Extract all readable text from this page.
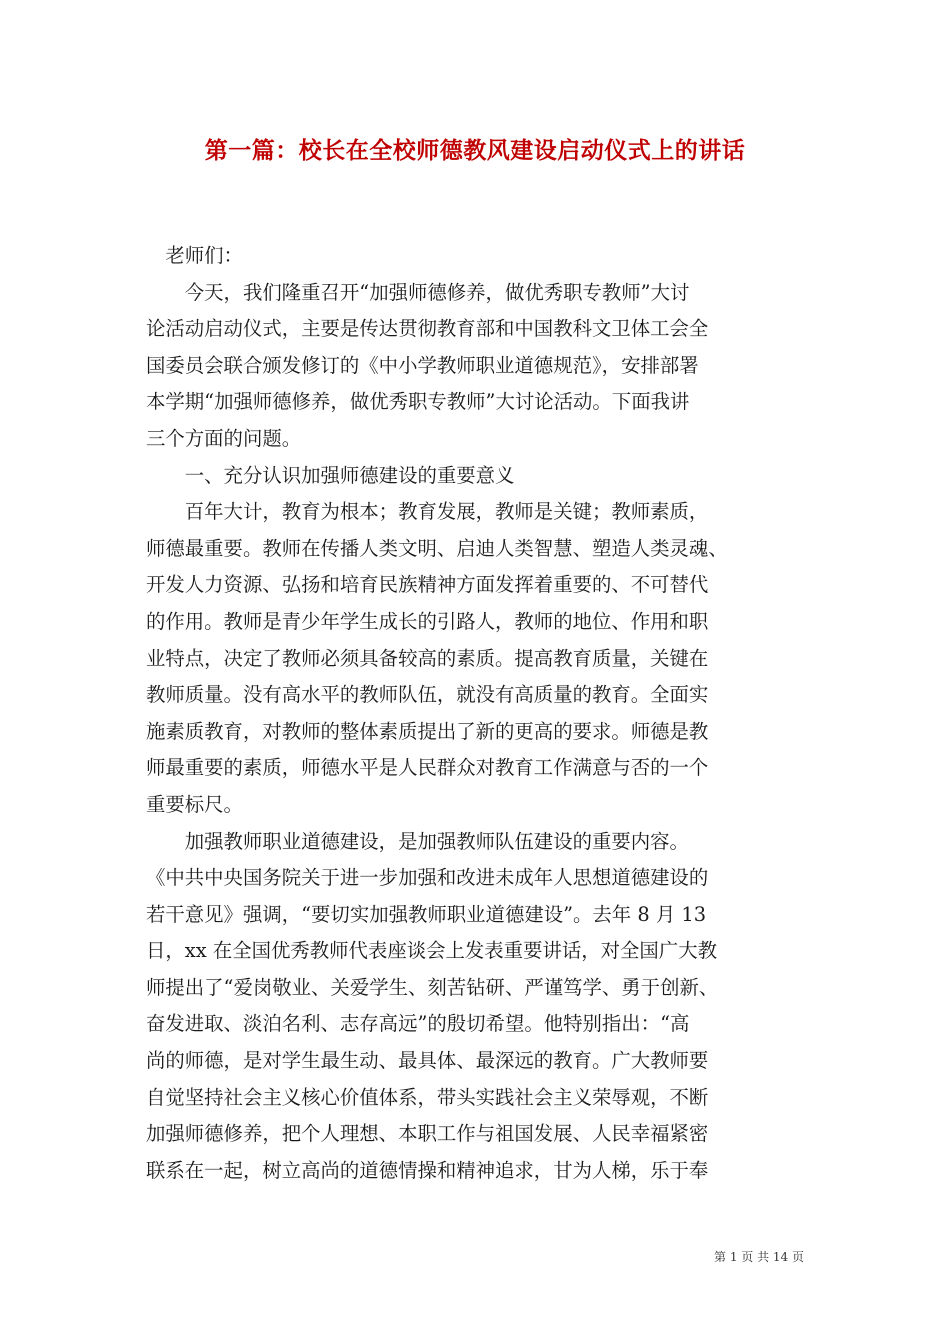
第一篇：校长在全校师德教风建设启动仪式上的讲话
　老师们：
　　今天，我们隆重召开“加强师德修养，做优秀职专教师”大讨
论活动启动仪式，主要是传达贯彻教育部和中国教科文卫体工会全
国委员会联合颁发修订的《中小学教师职业道德规范》，安排部署
本学期“加强师德修养，做优秀职专教师”大讨论活动。下面我讲
三个方面的问题。
　　一、充分认识加强师德建设的重要意义
　　百年大计，教育为根本；教育发展，教师是关键；教师素质，
师德最重要。教师在传播人类文明、启迪人类智慧、塑造人类灵魂、
开发人力资源、弘扬和培育民族精神方面发挥着重要的、不可替代
的作用。教师是青少年学生成长的引路人，教师的地位、作用和职
业特点，决定了教师必须具备较高的素质。提高教育质量，关键在
教师质量。没有高水平的教师队伍，就没有高质量的教育。全面实
施素质教育，对教师的整体素质提出了新的更高的要求。师德是教
师最重要的素质，师德水平是人民群众对教育工作满意与否的一个
重要标尺。
　　加强教师职业道德建设，是加强教师队伍建设的重要内容。
《中共中央国务院关于进一步加强和改进未成年人思想道德建设的
若干意见》强调，“要切实加强教师职业道德建设”。去年 8 月 13
日，xx 在全国优秀教师代表座谈会上发表重要讲话，对全国广大教
师提出了“爱岗敬业、关爱学生、刻苦钻研、严谨笃学、勇于创新、
奋发进取、淡泊名利、志存高远”的殷切希望。他特别指出：“高
尚的师德，是对学生最生动、最具体、最深远的教育。广大教师要
自觉坚持社会主义核心价值体系，带头实践社会主义荣辱观，不断
加强师德修养，把个人理想、本职工作与祖国发展、人民幸福紧密
联系在一起，树立高尚的道德情操和精神追求，甘为人梯，乐于奉
第 1 页 共 14 页
